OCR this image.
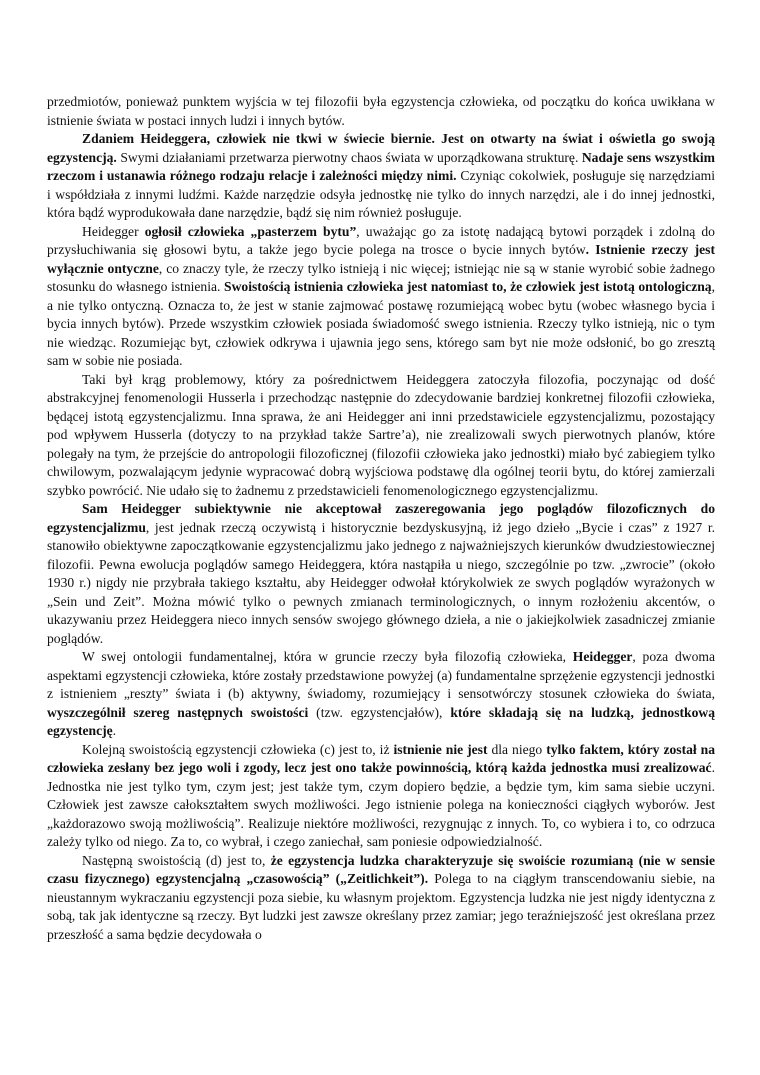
przedmiotów, ponieważ punktem wyjścia w tej filozofii była egzystencja człowieka, od początku do końca uwikłana w istnienie świata w postaci innych ludzi i innych bytów.

Zdaniem Heideggera, człowiek nie tkwi w świecie biernie. Jest on otwarty na świat i oświetla go swoją egzystencją. Swymi działaniami przetwarza pierwotny chaos świata w uporządkowana strukturę. Nadaje sens wszystkim rzeczom i ustanawia różnego rodzaju relacje i zależności między nimi. Czyniąc cokolwiek, posługuje się narzędziami i współdziała z innymi ludźmi. Każde narzędzie odsyła jednostkę nie tylko do innych narzędzi, ale i do innej jednostki, która bądź wyprodukowała dane narzędzie, bądź się nim również posługuje.

Heidegger ogłosił człowieka „pasterzem bytu”, uważając go za istotę nadającą bytowi porządek i zdolną do przysłuchiwania się głosowi bytu, a także jego bycie polega na trosce o bycie innych bytów. Istnienie rzeczy jest wyłącznie ontyczne, co znaczy tyle, że rzeczy tylko istnieją i nic więcej; istniejąc nie są w stanie wyrobić sobie żadnego stosunku do własnego istnienia. Swoistością istnienia człowieka jest natomiast to, że człowiek jest istotą ontologiczną, a nie tylko ontyczną. Oznacza to, że jest w stanie zajmować postawę rozumiejącą wobec bytu (wobec własnego bycia i bycia innych bytów). Przede wszystkim człowiek posiada świadomość swego istnienia. Rzeczy tylko istnieją, nic o tym nie wiedząc. Rozumiejąc byt, człowiek odkrywa i ujawnia jego sens, którego sam byt nie może odsłonić, bo go zresztą sam w sobie nie posiada.

Taki był krąg problemowy, który za pośrednictwem Heideggera zatoczyła filozofia, poczynając od dość abstrakcyjnej fenomenologii Husserla i przechodząc następnie do zdecydowanie bardziej konkretnej filozofii człowieka, będącej istotą egzystencjalizmu. Inna sprawa, że ani Heidegger ani inni przedstawiciele egzystencjalizmu, pozostający pod wpływem Husserla (dotyczy to na przykład także Sartre’a), nie zrealizowali swych pierwotnych planów, które polegały na tym, że przejście do antropologii filozoficznej (filozofii człowieka jako jednostki) miało być zabiegiem tylko chwilowym, pozwalającym jedynie wypracować dobrą wyjściowa podstawę dla ogólnej teorii bytu, do której zamierzali szybko powrócić. Nie udało się to żadnemu z przedstawicieli fenomenologicznego egzystencjalizmu.

Sam Heidegger subiektywnie nie akceptował zaszeregowania jego poglądów filozoficznych do egzystencjalizmu, jest jednak rzeczą oczywistą i historycznie bezdyskusyjną, iż jego dzieło „Bycie i czas” z 1927 r. stanowiło obiektywne zapoczątkowanie egzystencjalizmu jako jednego z najważniejszych kierunków dwudziestowiecznej filozofii. Pewna ewolucja poglądów samego Heideggera, która nastąpiła u niego, szczególnie po tzw. „zwrocie” (około 1930 r.) nigdy nie przybrała takiego kształtu, aby Heidegger odwołał którykolwiek ze swych poglądów wyrażonych w „Sein und Zeit”. Można mówić tylko o pewnych zmianach terminologicznych, o innym rozłożeniu akcentów, o ukazywaniu przez Heideggera nieco innych sensów swojego głównego dzieła, a nie o jakiejkolwiek zasadniczej zmianie poglądów.

W swej ontologii fundamentalnej, która w gruncie rzeczy była filozofią człowieka, Heidegger, poza dwoma aspektami egzystencji człowieka, które zostały przedstawione powyżej (a) fundamentalne sprzężenie egzystencji jednostki z istnieniem „reszty” świata i (b) aktywny, świadomy, rozumiejący i sensotwórczy stosunek człowieka do świata, wyszczególnił szereg następnych swoistości (tzw. egzystencjałów), które składają się na ludzką, jednostkową egzystencję.

Kolejną swoistością egzystencji człowieka (c) jest to, iż istnienie nie jest dla niego tylko faktem, który został na człowieka zesłany bez jego woli i zgody, lecz jest ono także powinnością, którą każda jednostka musi zrealizować. Jednostka nie jest tylko tym, czym jest; jest także tym, czym dopiero będzie, a będzie tym, kim sama siebie uczyni. Człowiek jest zawsze całokształtem swych możliwości. Jego istnienie polega na konieczności ciągłych wyborów. Jest „każdorazowo swoją możliwością”. Realizuje niektóre możliwości, rezygnując z innych. To, co wybiera i to, co odrzuca zależy tylko od niego. Za to, co wybrał, i czego zaniechał, sam poniesie odpowiedzialność.

Następną swoistością (d) jest to, że egzystencja ludzka charakteryzuje się swoiście rozumianą (nie w sensie czasu fizycznego) egzystencjalną „czasowością” („Zeitlichkeit”). Polega to na ciągłym transcendowaniu siebie, na nieustannym wykraczaniu egzystencji poza siebie, ku własnym projektom. Egzystencja ludzka nie jest nigdy identyczna z sobą, tak jak identyczne są rzeczy. Byt ludzki jest zawsze określany przez zamiar; jego teraźniejszość jest określana przez przeszłość a sama będzie decydowała o
